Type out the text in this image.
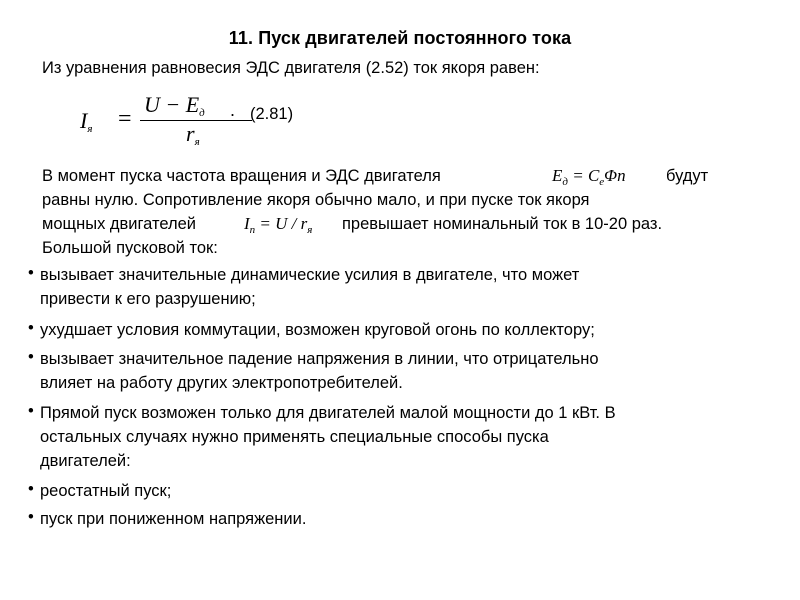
11. Пуск двигателей постоянного тока
Из уравнения равновесия ЭДС двигателя (2.52) ток якоря равен:
$I_я$ =
$U - E_д$
$r_я$
. (2.81)
В момент пуска частота вращения и ЭДС двигателя	$E_д = C_e\Phi n$ будут
равны нулю. Сопротивление якоря обычно мало, и при пуске ток якоря
мощных двигателей	$I_п = U / r_я$ превышает номинальный ток в 10-20 раз.
Большой пусковой ток:
• вызывает значительные динамические усилия в двигателе, что может
привести к его разрушению;
• ухудшает условия коммутации, возможен круговой огонь по коллектору;
• вызывает значительное падение напряжения в линии, что отрицательно
влияет на работу других электропотребителей.
• Прямой пуск возможен только для двигателей малой мощности до 1 кВт. В
остальных случаях нужно применять специальные способы пуска
двигателей:
• реостатный пуск;
• пуск при пониженном напряжении.
